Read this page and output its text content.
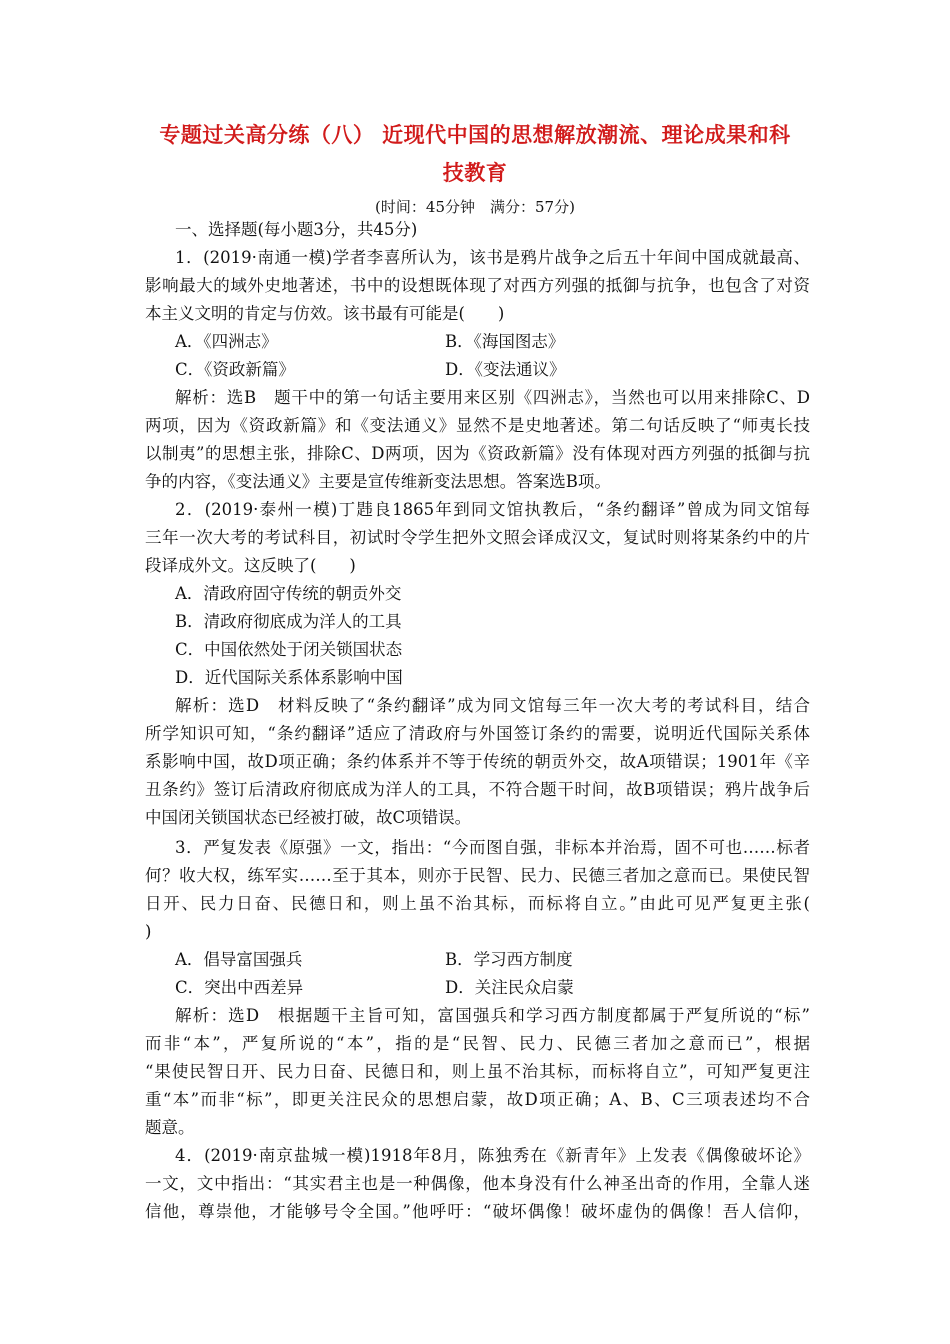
专题过关高分练（八） 近现代中国的思想解放潮流、理论成果和科
技教育
(时间：45分钟　满分：57分)
一、选择题(每小题3分，共45分)
1．(2019·南通一模)学者李喜所认为，该书是鸦片战争之后五十年间中国成就最高、
影响最大的域外史地著述，书中的设想既体现了对西方列强的抵御与抗争，也包含了对资
本主义文明的肯定与仿效。该书最有可能是(　　)
A．《四洲志》	B．《海国图志》
C．《资政新篇》	D．《变法通议》
解析：选B　题干中的第一句话主要用来区别《四洲志》，当然也可以用来排除C、D
两项，因为《资政新篇》和《变法通义》显然不是史地著述。第二句话反映了“师夷长技
以制夷”的思想主张，排除C、D两项，因为《资政新篇》没有体现对西方列强的抵御与抗
争的内容，《变法通义》主要是宣传维新变法思想。答案选B项。
2．(2019·泰州一模)丁韪良1865年到同文馆执教后，“条约翻译”曾成为同文馆每
三年一次大考的考试科目，初试时令学生把外文照会译成汉文，复试时则将某条约中的片
段译成外文。这反映了(　　)
A．清政府固守传统的朝贡外交
B．清政府彻底成为洋人的工具
C．中国依然处于闭关锁国状态
D．近代国际关系体系影响中国
解析：选D　材料反映了“条约翻译”成为同文馆每三年一次大考的考试科目，结合
所学知识可知，“条约翻译”适应了清政府与外国签订条约的需要，说明近代国际关系体
系影响中国，故D项正确；条约体系并不等于传统的朝贡外交，故A项错误；1901年《辛
丑条约》签订后清政府彻底成为洋人的工具，不符合题干时间，故B项错误；鸦片战争后
中国闭关锁国状态已经被打破，故C项错误。
3．严复发表《原强》一文，指出：“今而图自强，非标本并治焉，固不可也……标者
何？收大权，练军实……至于其本，则亦于民智、民力、民德三者加之意而已。果使民智
日开、民力日奋、民德日和，则上虽不治其标，而标将自立。”由此可见严复更主张(
)
A．倡导富国强兵	B．学习西方制度
C．突出中西差异	D．关注民众启蒙
解析：选D　根据题干主旨可知，富国强兵和学习西方制度都属于严复所说的“标”
而非“本”，严复所说的“本”，指的是“民智、民力、民德三者加之意而已”，根据
“果使民智日开、民力日奋、民德日和，则上虽不治其标，而标将自立”，可知严复更注
重“本”而非“标”，即更关注民众的思想启蒙，故D项正确；A、B、C三项表述均不合
题意。
4．(2019·南京盐城一模)1918年8月，陈独秀在《新青年》上发表《偶像破坏论》
一文，文中指出：“其实君主也是一种偶像，他本身没有什么神圣出奇的作用，全靠人迷
信他，尊崇他，才能够号令全国。”他呼吁：“破坏偶像！破坏虚伪的偶像！吾人信仰，
